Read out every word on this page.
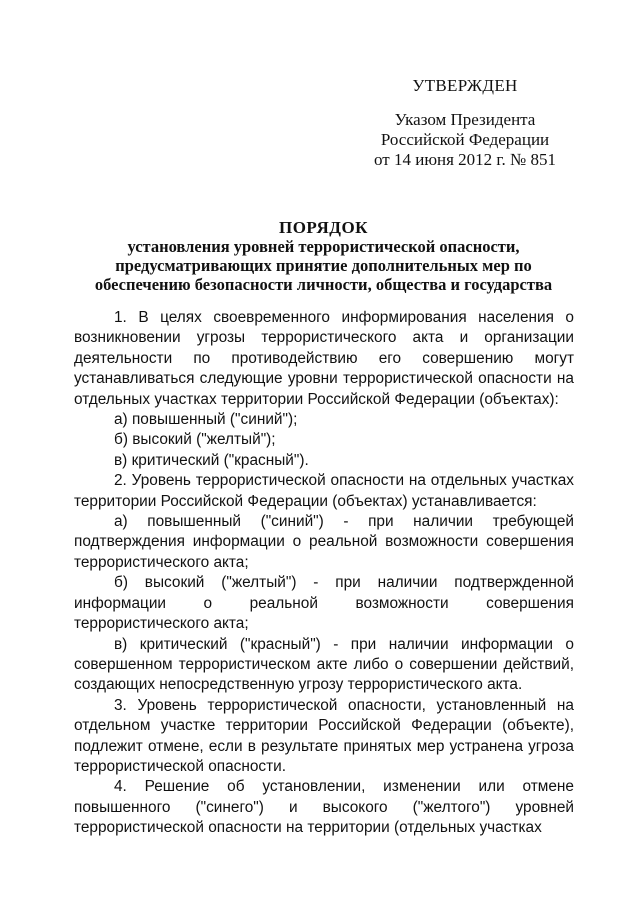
УТВЕРЖДЕН
Указом Президента
Российской Федерации
от 14 июня 2012 г. № 851
ПОРЯДОК
установления уровней террористической опасности,
предусматривающих принятие дополнительных мер по
обеспечению безопасности личности, общества и государства

1. В целях своевременного информирования населения о возникновении угрозы террористического акта и организации деятельности по противодействию его совершению могут устанавливаться следующие уровни террористической опасности на отдельных участках территории Российской Федерации (объектах):

а) повышенный ("синий");

б) высокий ("желтый");

в) критический ("красный").

2. Уровень террористической опасности на отдельных участках территории Российской Федерации (объектах) устанавливается:

а) повышенный ("синий") - при наличии требующей подтверждения информации о реальной возможности совершения террористического акта;

б) высокий ("желтый") - при наличии подтвержденной информации о реальной возможности совершения террористического акта;

в) критический ("красный") - при наличии информации о совершенном террористическом акте либо о совершении действий, создающих непосредственную угрозу террористического акта.

3. Уровень террористической опасности, установленный на отдельном участке территории Российской Федерации (объекте), подлежит отмене, если в результате принятых мер устранена угроза террористической опасности.

4. Решение об установлении, изменении или отмене повышенного ("синего") и высокого ("желтого") уровней террористической опасности на территории (отдельных участках
